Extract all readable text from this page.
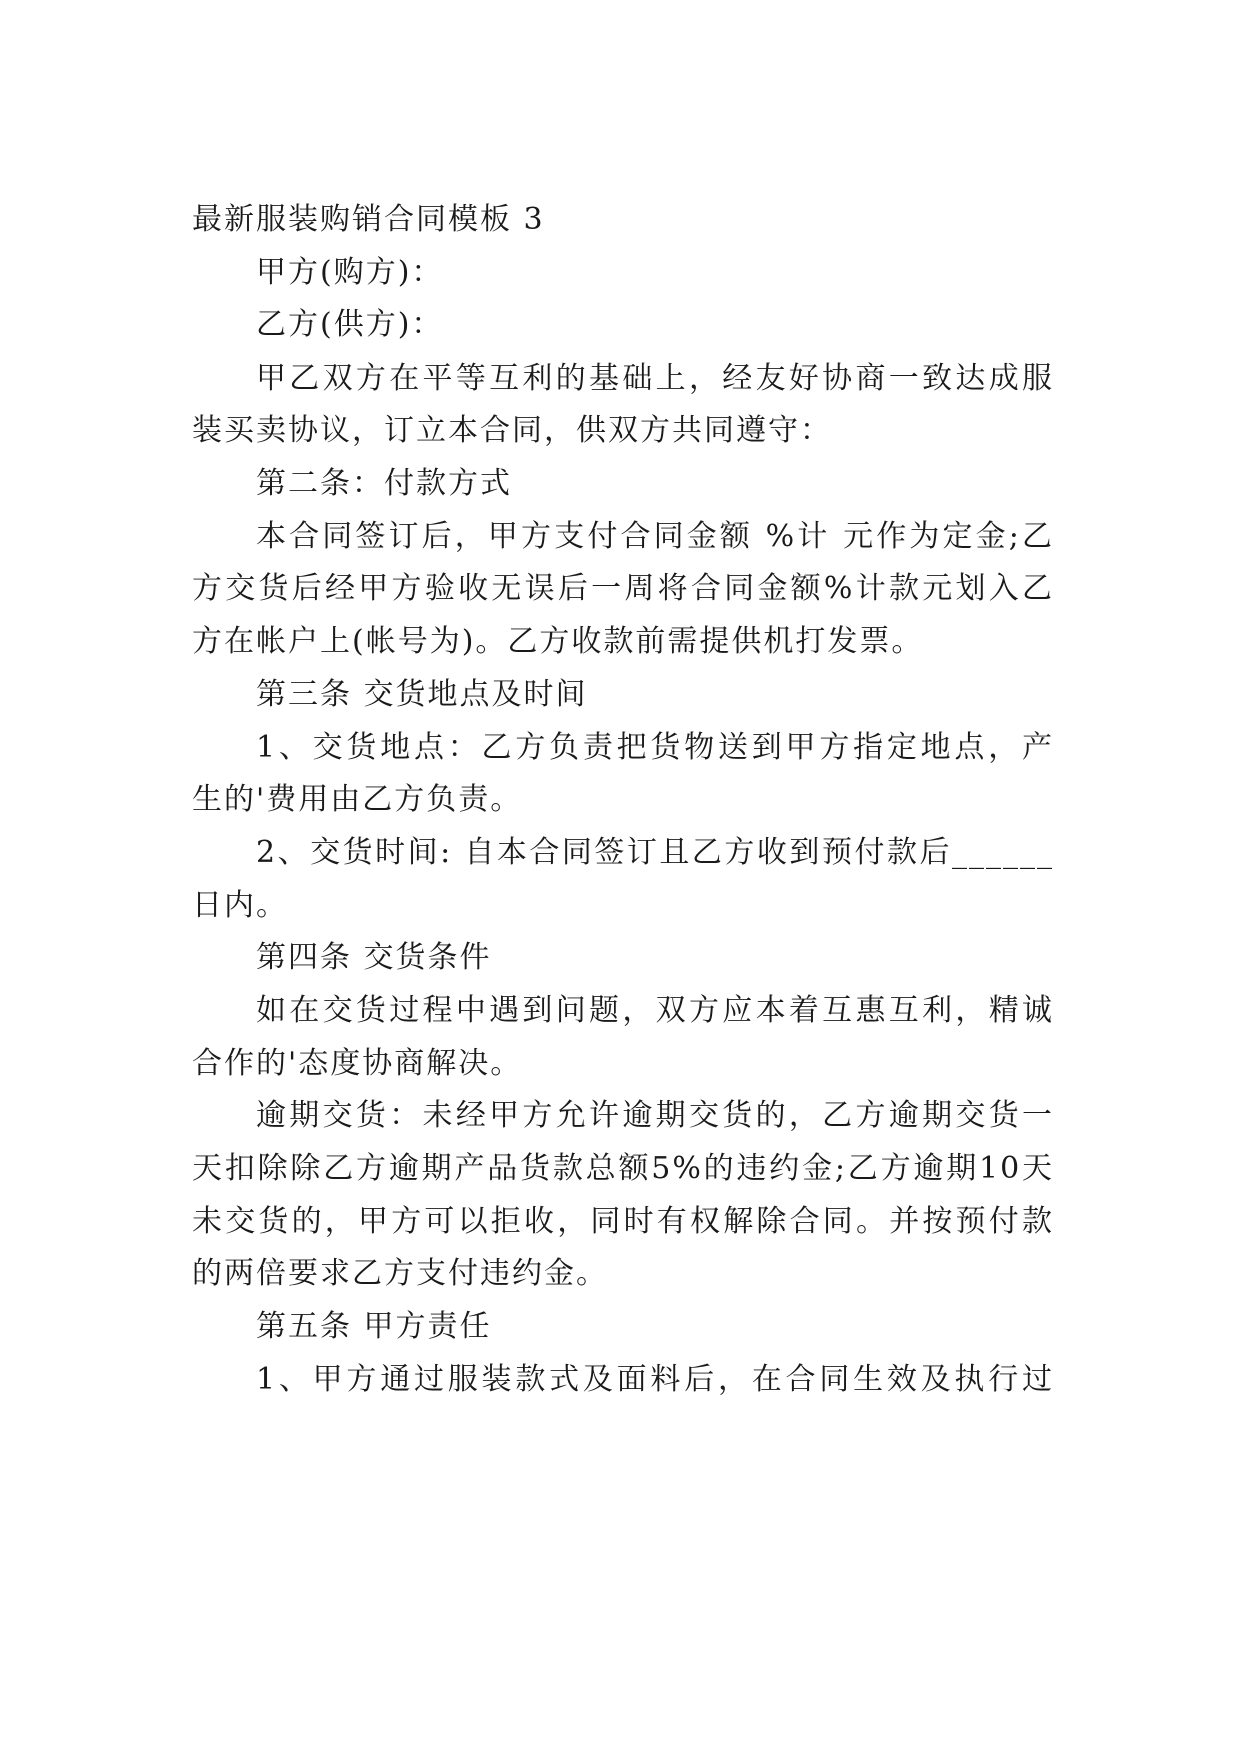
最新服装购销合同模板 3
甲方(购方)：
乙方(供方)：
甲乙双方在平等互利的基础上，经友好协商一致达成服
装买卖协议，订立本合同，供双方共同遵守：
第二条：付款方式
本合同签订后，甲方支付合同金额 %计 元作为定金;乙
方交货后经甲方验收无误后一周将合同金额%计款元划入乙
方在帐户上(帐号为)。乙方收款前需提供机打发票。
第三条 交货地点及时间
1、交货地点：乙方负责把货物送到甲方指定地点，产
生的'费用由乙方负责。
2、交货时间: 自本合同签订且乙方收到预付款后______
日内。
第四条 交货条件
如在交货过程中遇到问题，双方应本着互惠互利，精诚
合作的'态度协商解决。
逾期交货：未经甲方允许逾期交货的，乙方逾期交货一
天扣除除乙方逾期产品货款总额5%的违约金;乙方逾期10天
未交货的，甲方可以拒收，同时有权解除合同。并按预付款
的两倍要求乙方支付违约金。
第五条 甲方责任
1、甲方通过服装款式及面料后，在合同生效及执行过
